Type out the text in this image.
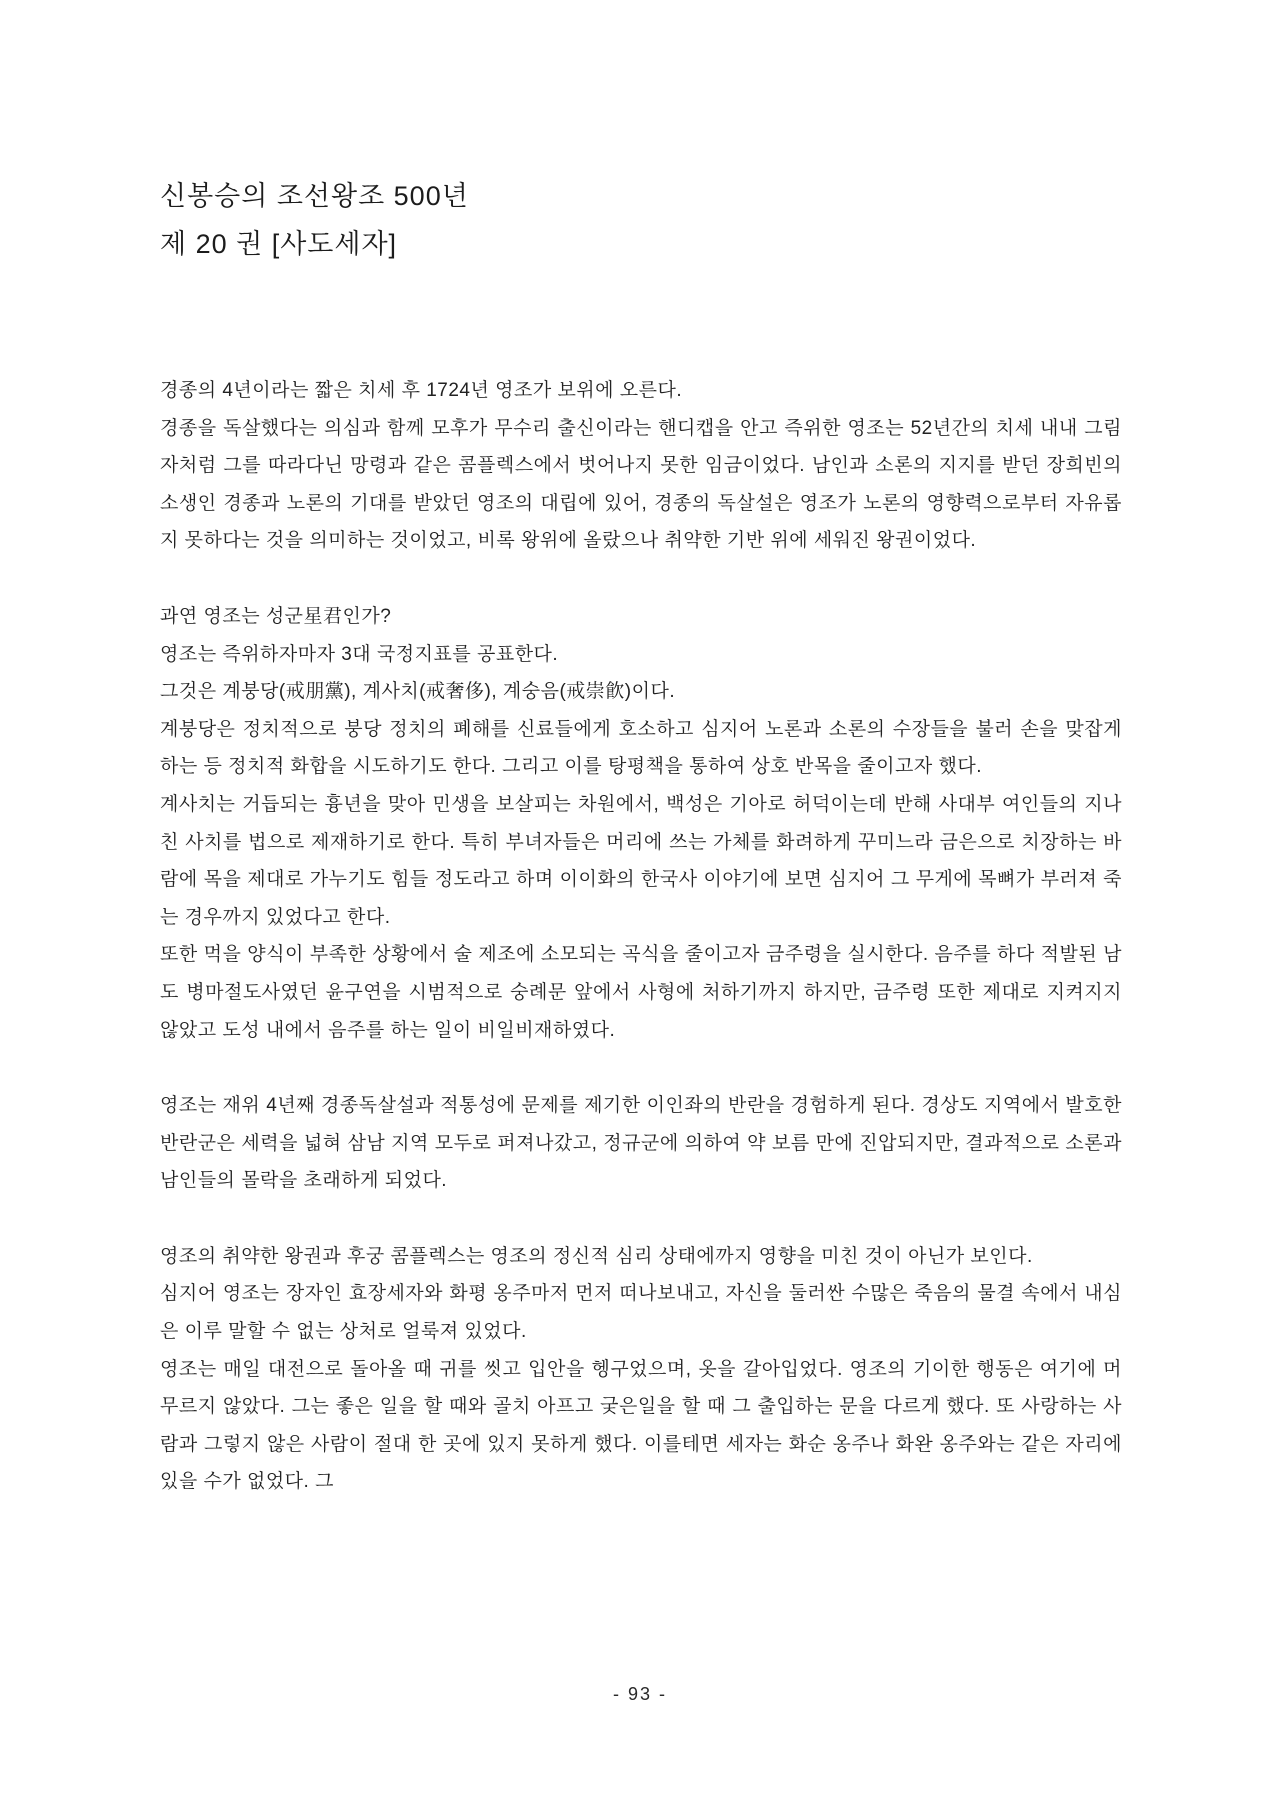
신봉승의 조선왕조 500년
제 20 권 [사도세자]

경종의 4년이라는 짧은 치세 후 1724년 영조가 보위에 오른다.

경종을 독살했다는 의심과 함께 모후가 무수리 출신이라는 핸디캡을 안고 즉위한 영조는 52년간의 치세 내내 그림자처럼 그를 따라다닌 망령과 같은 콤플렉스에서 벗어나지 못한 임금이었다. 남인과 소론의 지지를 받던 장희빈의 소생인 경종과 노론의 기대를 받았던 영조의 대립에 있어, 경종의 독살설은 영조가 노론의 영향력으로부터 자유롭지 못하다는 것을 의미하는 것이었고, 비록 왕위에 올랐으나 취약한 기반 위에 세워진 왕권이었다.

과연 영조는 성군星君인가?

영조는 즉위하자마자 3대 국정지표를 공표한다.

그것은 계붕당(戒朋黨), 계사치(戒奢侈), 계숭음(戒崇飮)이다.

계붕당은 정치적으로 붕당 정치의 폐해를 신료들에게 호소하고 심지어 노론과 소론의 수장들을 불러 손을 맞잡게 하는 등 정치적 화합을 시도하기도 한다. 그리고 이를 탕평책을 통하여 상호 반목을 줄이고자 했다.

계사치는 거듭되는 흉년을 맞아 민생을 보살피는 차원에서, 백성은 기아로 허덕이는데 반해 사대부 여인들의 지나친 사치를 법으로 제재하기로 한다. 특히 부녀자들은 머리에 쓰는 가체를 화려하게 꾸미느라 금은으로 치장하는 바람에 목을 제대로 가누기도 힘들 정도라고 하며 이이화의 한국사 이야기에 보면 심지어 그 무게에 목뼈가 부러져 죽는 경우까지 있었다고 한다.

또한 먹을 양식이 부족한 상황에서 술 제조에 소모되는 곡식을 줄이고자 금주령을 실시한다. 음주를 하다 적발된 남도 병마절도사였던 윤구연을 시범적으로 숭례문 앞에서 사형에 처하기까지 하지만, 금주령 또한 제대로 지켜지지 않았고 도성 내에서 음주를 하는 일이 비일비재하였다.

영조는 재위 4년째 경종독살설과 적통성에 문제를 제기한 이인좌의 반란을 경험하게 된다. 경상도 지역에서 발호한 반란군은 세력을 넓혀 삼남 지역 모두로 퍼져나갔고, 정규군에 의하여 약 보름 만에 진압되지만, 결과적으로 소론과 남인들의 몰락을 초래하게 되었다.

영조의 취약한 왕권과 후궁 콤플렉스는 영조의 정신적 심리 상태에까지 영향을 미친 것이 아닌가 보인다.

심지어 영조는 장자인 효장세자와 화평 옹주마저 먼저 떠나보내고, 자신을 둘러싼 수많은 죽음의 물결 속에서 내심은 이루 말할 수 없는 상처로 얼룩져 있었다.

영조는 매일 대전으로 돌아올 때 귀를 씻고 입안을 헹구었으며, 옷을 갈아입었다. 영조의 기이한 행동은 여기에 머무르지 않았다. 그는 좋은 일을 할 때와 골치 아프고 궂은일을 할 때 그 출입하는 문을 다르게 했다. 또 사랑하는 사람과 그렇지 않은 사람이 절대 한 곳에 있지 못하게 했다. 이를테면 세자는 화순 옹주나 화완 옹주와는 같은 자리에 있을 수가 없었다. 그

- 93 -
